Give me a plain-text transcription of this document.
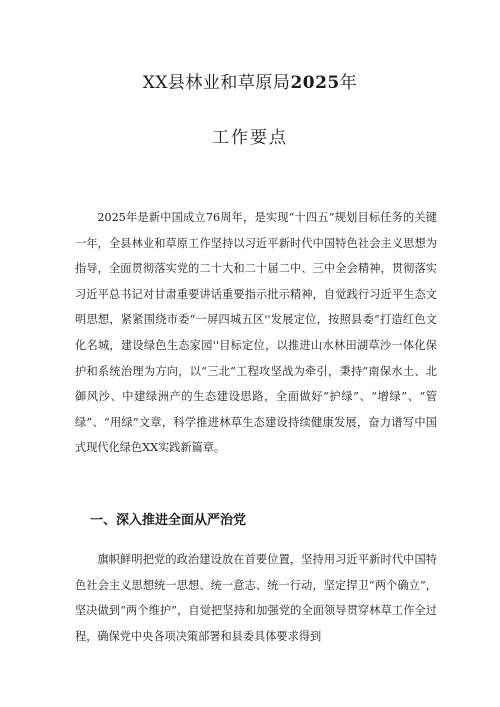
XX县林业和草原局2025年
工作要点
2025年是新中国成立76周年，是实现“十四五”规划目标任务的关键一年，全县林业和草原工作坚持以习近平新时代中国特色社会主义思想为指导，全面贯彻落实党的二十大和二十届二中、三中全会精神，贯彻落实习近平总书记对甘肃重要讲话重要指示批示精神，自觉践行习近平生态文明思想，紧紧围绕市委“一屏四城五区''发展定位，按照县委“打造红色文化名城，建设绿色生态家园''目标定位，以推进山水林田湖草沙一体化保护和系统治理为方向，以“三北”工程攻坚战为牵引，秉持“南保水土、北御风沙、中建绿洲产的生态建设思路，全面做好“护绿”、“增绿”、“管绿”、“用绿”文章，科学推进林草生态建设持续健康发展，奋力谱写中国式现代化绿色XX实践新篇章。
一、深入推进全面从严治党
旗帜鲜明把党的政治建设放在首要位置，坚持用习近平新时代中国特色社会主义思想统一思想、统一意志、统一行动，坚定捍卫“两个确立”，坚决做到“两个维护”，自觉把坚持和加强党的全面领导贯穿林草工作全过程，确保党中央各项决策部署和县委具体要求得到
